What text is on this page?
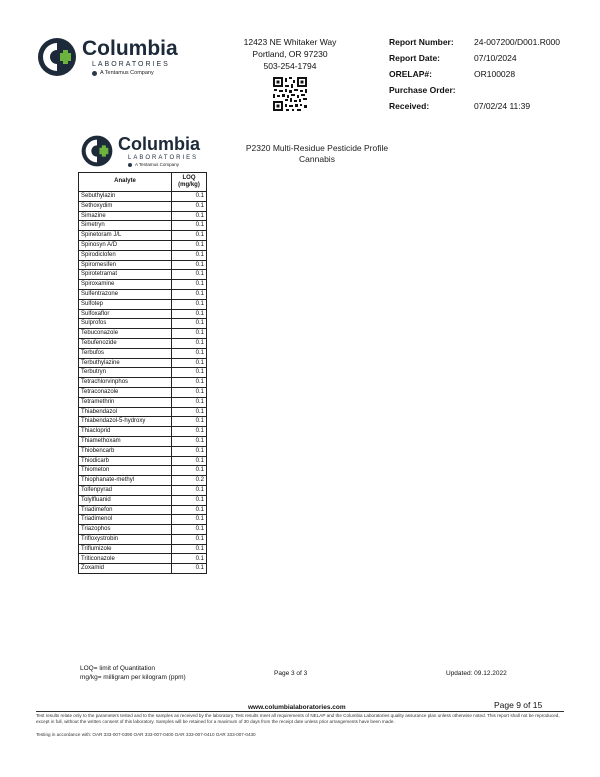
Columbia
LABORATORIES
A Tentamus Company
12423 NE Whitaker Way
Portland, OR 97230
503-254-1794
Report Number:	24-007200/D001.R000
Report Date:	07/10/2024
ORELAP#:	OR100028
Purchase Order:
Received:	07/02/24 11:39
Columbia
LABORATORIES
A Tentamus Company
P2320 Multi-Residue Pesticide Profile
Cannabis
Analyte	LOQ
(mg/kg)

Sebuthylazin	0.1
Sethoxydim	0.1
Simazine	0.1
Simetryn	0.1
Spinetoram J/L	0.1
Spinosyn A/D	0.1
Spirodiclofen	0.1
Spiromesifen	0.1
Spirotetramat	0.1
Spiroxamine	0.1
Sulfentrazone	0.1
Sulfotep	0.1
Sulfoxaflor	0.1
Sulprofos	0.1
Tebuconazole	0.1
Tebufenozide	0.1
Terbufos	0.1
Terbuthylazine	0.1
Terbutryn	0.1
Tetrachlorvinphos	0.1
Tetraconazole	0.1
Tetramethrin	0.1
Thiabendazol	0.1
Thiabendazol-5-hydroxy	0.1
Thiacloprid	0.1
Thiamethoxam	0.1
Thiobencarb	0.1
Thiodicarb	0.1
Thiometon	0.1
Thiophanate-methyl	0.2
Tolfenpyrad	0.1
Tolylfluanid	0.1
Triadimefon	0.1
Triadimenol	0.1
Triazophos	0.1
Trifloxystrobin	0.1
Triflumizole	0.1
Triticonazole	0.1
Zoxamid	0.1
LOQ= limit of Quantitation
mg/kg= milligram per kilogram (ppm)	Page 3 of 3	Updated: 09.12.2022
www.columbialaboratories.com	Page 9 of 15
Test results relate only to the parameters tested and to the samples as received by the laboratory. Test results meet all requirements of NELAP and the Columbia Laboratories quality assurance plan unless otherwise noted. This report shall not be reproduced, except in full, without the written consent of this laboratory. Samples will be retained for a maximum of 30 days from the receipt date unless prior arrangements have been made.
Testing in accordance with: OAR 333-007-0390 OAR 333-007-0400 OAR 333-007-0410 OAR 333-007-0430
